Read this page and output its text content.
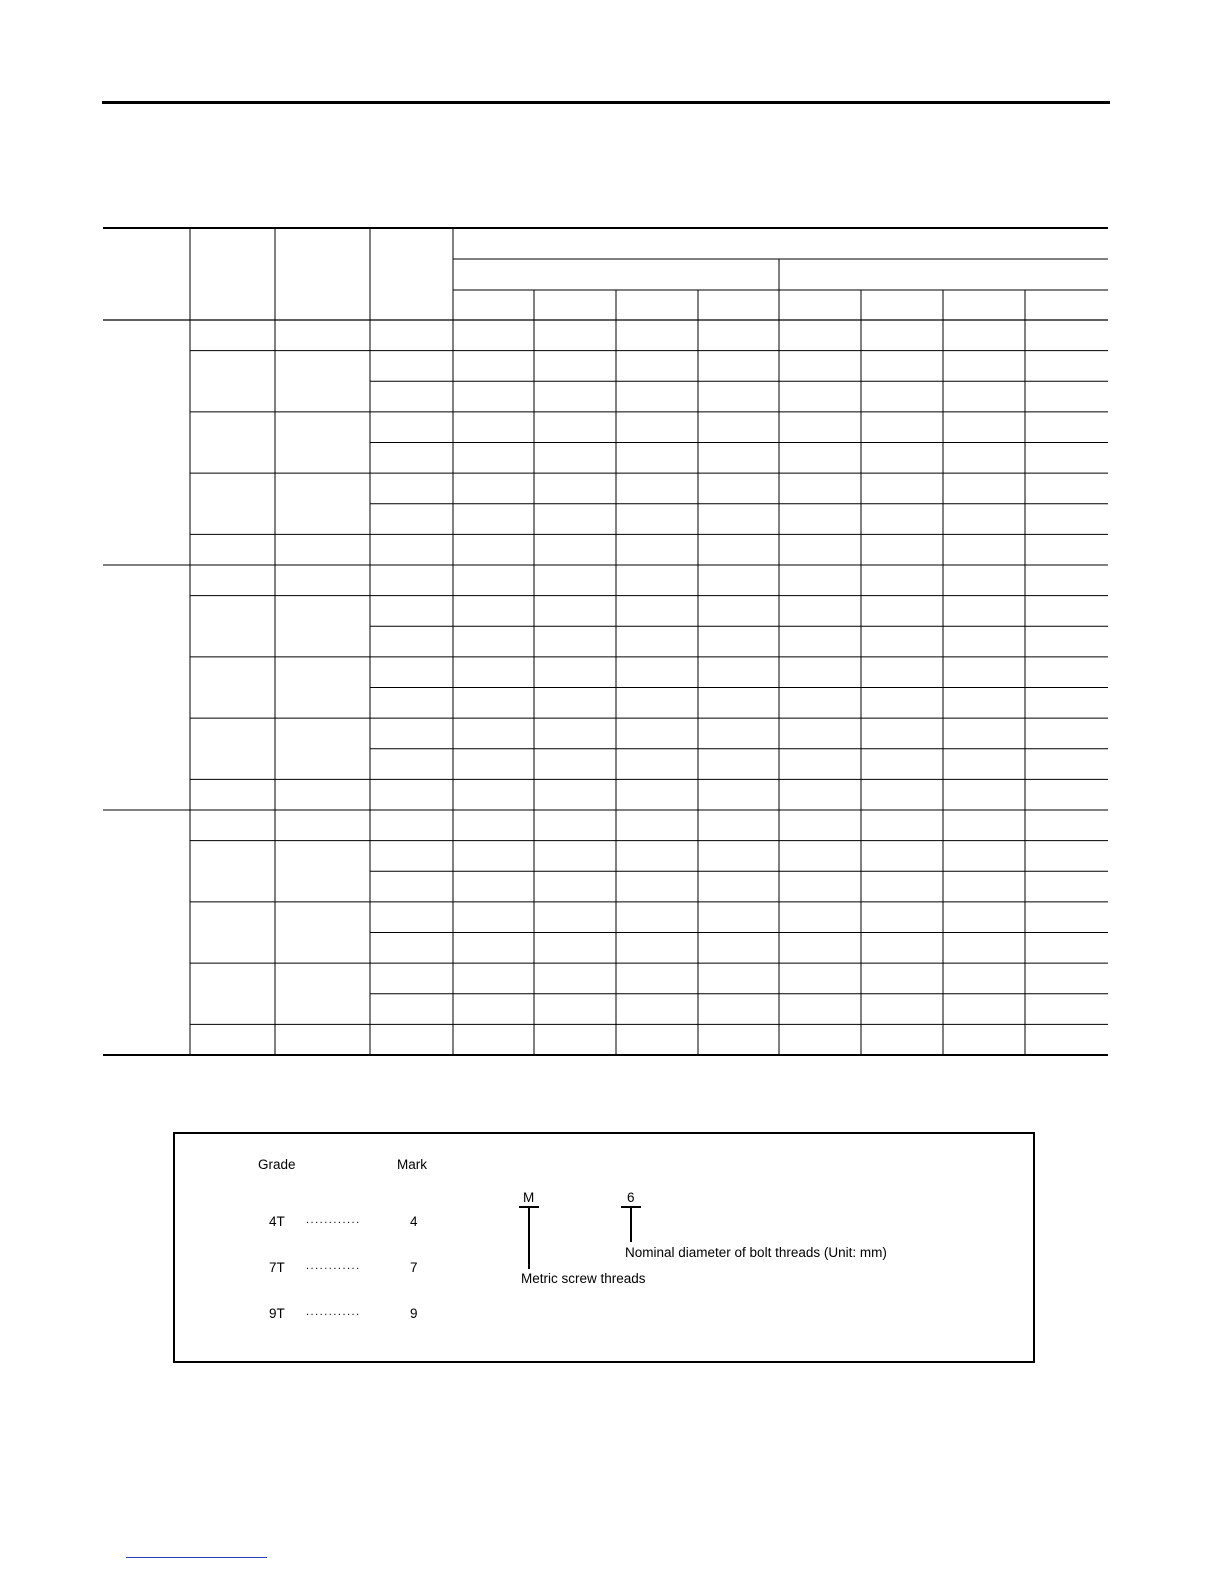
Grade	Mark
4T ............	4
7T ............	7
9T ............	9
M
Metric screw threads
6
Nominal diameter of bolt threads (Unit: mm)
